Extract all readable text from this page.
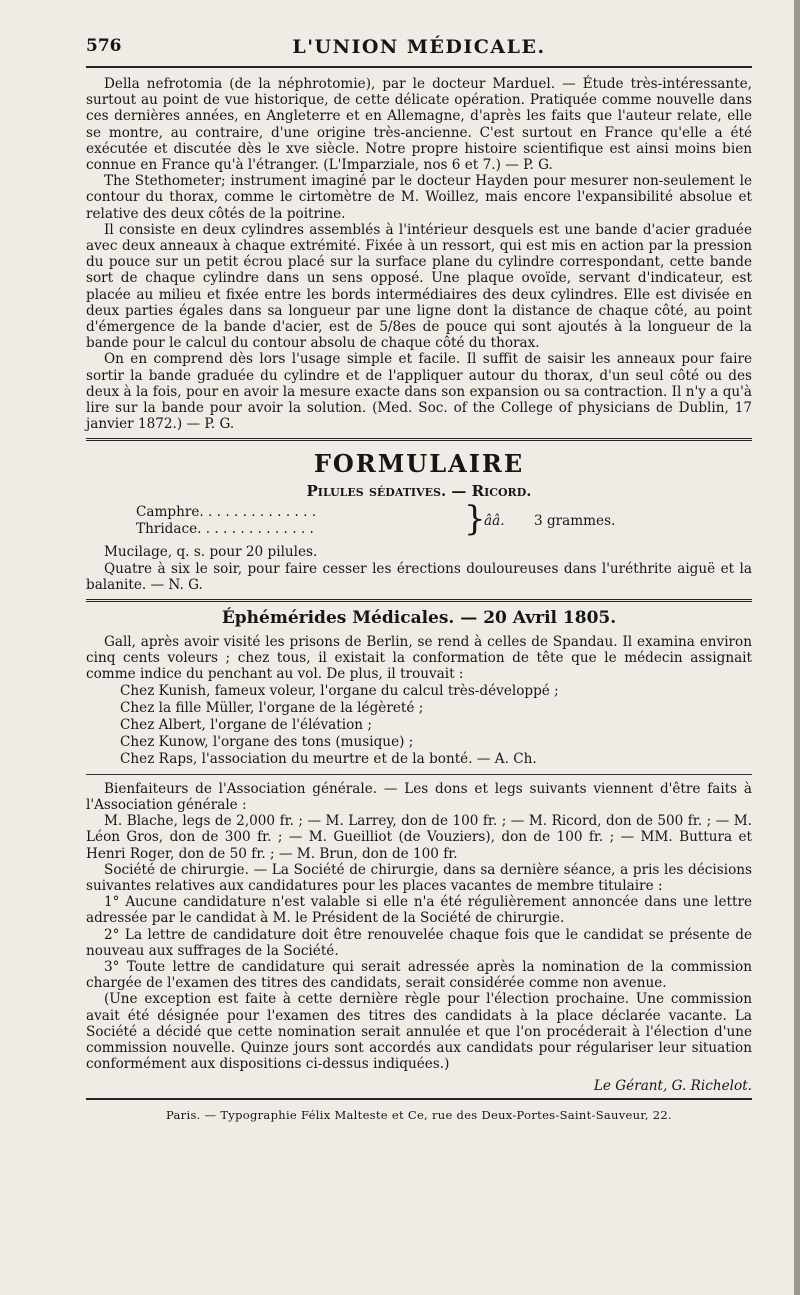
576	L'UNION MÉDICALE.

Della nefrotomia (de la néphrotomie), par le docteur Marduel. — Étude très-intéressante, surtout au point de vue historique, de cette délicate opération. Pratiquée comme nouvelle dans ces dernières années, en Angleterre et en Allemagne, d'après les faits que l'auteur relate, elle se montre, au contraire, d'une origine très-ancienne. C'est surtout en France qu'elle a été exécutée et discutée dès le xve siècle. Notre propre histoire scientifique est ainsi moins bien connue en France qu'à l'étranger. (L'Imparziale, nos 6 et 7.) — P. G.

The Stethometer; instrument imaginé par le docteur Hayden pour mesurer non-seulement le contour du thorax, comme le cirtomètre de M. Woillez, mais encore l'expansibilité absolue et relative des deux côtés de la poitrine.

Il consiste en deux cylindres assemblés à l'intérieur desquels est une bande d'acier graduée avec deux anneaux à chaque extrémité. Fixée à un ressort, qui est mis en action par la pression du pouce sur un petit écrou placé sur la surface plane du cylindre correspondant, cette bande sort de chaque cylindre dans un sens opposé. Une plaque ovoïde, servant d'indicateur, est placée au milieu et fixée entre les bords intermédiaires des deux cylindres. Elle est divisée en deux parties égales dans sa longueur par une ligne dont la distance de chaque côté, au point d'émergence de la bande d'acier, est de 5/8es de pouce qui sont ajoutés à la longueur de la bande pour le calcul du contour absolu de chaque côté du thorax.

On en comprend dès lors l'usage simple et facile. Il suffit de saisir les anneaux pour faire sortir la bande graduée du cylindre et de l'appliquer autour du thorax, d'un seul côté ou des deux à la fois, pour en avoir la mesure exacte dans son expansion ou sa contraction. Il n'y a qu'à lire sur la bande pour avoir la solution. (Med. Soc. of the College of physicians de Dublin, 17 janvier 1872.) — P. G.

FORMULAIRE
Pilules sédatives. — Ricord.
Camphre. . . . . . . . . . . . . .
Thridace. . . . . . . . . . . . . .	}
ââ. 3 grammes.

Mucilage, q. s. pour 20 pilules.

Quatre à six le soir, pour faire cesser les érections douloureuses dans l'uréthrite aiguë et la balanite. — N. G.

Éphémérides Médicales. — 20 Avril 1805.

Gall, après avoir visité les prisons de Berlin, se rend à celles de Spandau. Il examina environ cinq cents voleurs ; chez tous, il existait la conformation de tête que le médecin assignait comme indice du penchant au vol. De plus, il trouvait :

Chez Kunish, fameux voleur, l'organe du calcul très-développé ;
Chez la fille Müller, l'organe de la légèreté ;
Chez Albert, l'organe de l'élévation ;
Chez Kunow, l'organe des tons (musique) ;
Chez Raps, l'association du meurtre et de la bonté. — A. Ch.

Bienfaiteurs de l'Association générale. — Les dons et legs suivants viennent d'être faits à l'Association générale :

M. Blache, legs de 2,000 fr. ; — M. Larrey, don de 100 fr. ; — M. Ricord, don de 500 fr. ; — M. Léon Gros, don de 300 fr. ; — M. Gueilliot (de Vouziers), don de 100 fr. ; — MM. Buttura et Henri Roger, don de 50 fr. ; — M. Brun, don de 100 fr.

Société de chirurgie. — La Société de chirurgie, dans sa dernière séance, a pris les décisions suivantes relatives aux candidatures pour les places vacantes de membre titulaire :

1° Aucune candidature n'est valable si elle n'a été régulièrement annoncée dans une lettre adressée par le candidat à M. le Président de la Société de chirurgie.

2° La lettre de candidature doit être renouvelée chaque fois que le candidat se présente de nouveau aux suffrages de la Société.

3° Toute lettre de candidature qui serait adressée après la nomination de la commission chargée de l'examen des titres des candidats, serait considérée comme non avenue.

(Une exception est faite à cette dernière règle pour l'élection prochaine. Une commission avait été désignée pour l'examen des titres des candidats à la place déclarée vacante. La Société a décidé que cette nomination serait annulée et que l'on procéderait à l'élection d'une commission nouvelle. Quinze jours sont accordés aux candidats pour régulariser leur situation conformément aux dispositions ci-dessus indiquées.)

Le Gérant, G. Richelot.
Paris. — Typographie Félix Malteste et Ce, rue des Deux-Portes-Saint-Sauveur, 22.
